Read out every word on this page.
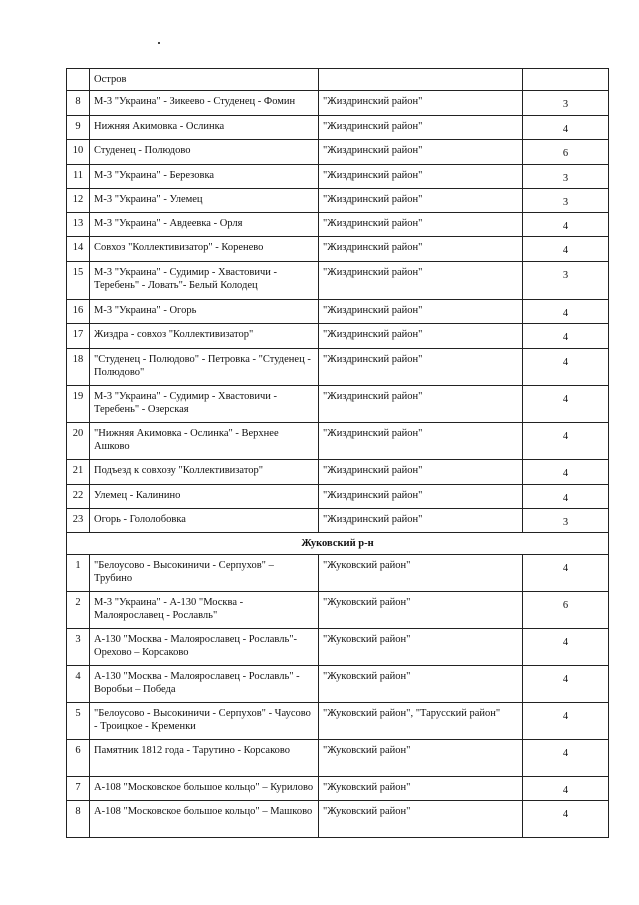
	Остров		
8	М-3 "Украина" - Зикеево - Студенец - Фомин	"Жиздринский район"	3
9	Нижняя Акимовка - Ослинка	"Жиздринский район"	4
10	Студенец - Полюдово	"Жиздринский район"	6
11	М-3 "Украина" - Березовка	"Жиздринский район"	3
12	М-3 "Украина" - Улемец	"Жиздринский район"	3
13	М-3 "Украина" - Авдеевка - Орля	"Жиздринский район"	4
14	Совхоз "Коллективизатор" - Коренево	"Жиздринский район"	4
15	М-3 "Украина" - Судимир - Хвастовичи - Теребень" - Ловать"- Белый Колодец	"Жиздринский район"	3
16	М-3 "Украина" - Огорь	"Жиздринский район"	4
17	Жиздра - совхоз "Коллективизатор"	"Жиздринский район"	4
18	"Студенец - Полюдово" - Петровка - "Студенец - Полюдово"	"Жиздринский район"	4
19	М-3 "Украина" - Судимир - Хвастовичи - Теребень" - Озерская	"Жиздринский район"	4
20	"Нижняя Акимовка - Ослинка" - Верхнее Ашково	"Жиздринский район"	4
21	Подъезд к совхозу "Коллективизатор"	"Жиздринский район"	4
22	Улемец - Калинино	"Жиздринский район"	4
23	Огорь - Гололобовка	"Жиздринский район"	3
Жуковский р-н			
1	"Белоусово - Высокиничи - Серпухов" – Трубино	"Жуковский район"	4
2	М-3 "Украина" - А-130 "Москва - Малоярославец - Рославль"	"Жуковский район"	6
3	А-130 "Москва - Малоярославец - Рославль"- Орехово – Корсаково	"Жуковский район"	4
4	А-130 "Москва - Малоярославец - Рославль" - Воробьи – Победа	"Жуковский район"	4
5	"Белоусово - Высокиничи - Серпухов" - Чаусово - Троицкое - Кременки	"Жуковский район", "Тарусский район"	4
6	Памятник 1812 года - Тарутино - Корсаково	"Жуковский район"	4
7	А-108 "Московское большое кольцо" – Курилово	"Жуковский район"	4
8	А-108 "Московское большое кольцо" – Машково	"Жуковский район"	4
